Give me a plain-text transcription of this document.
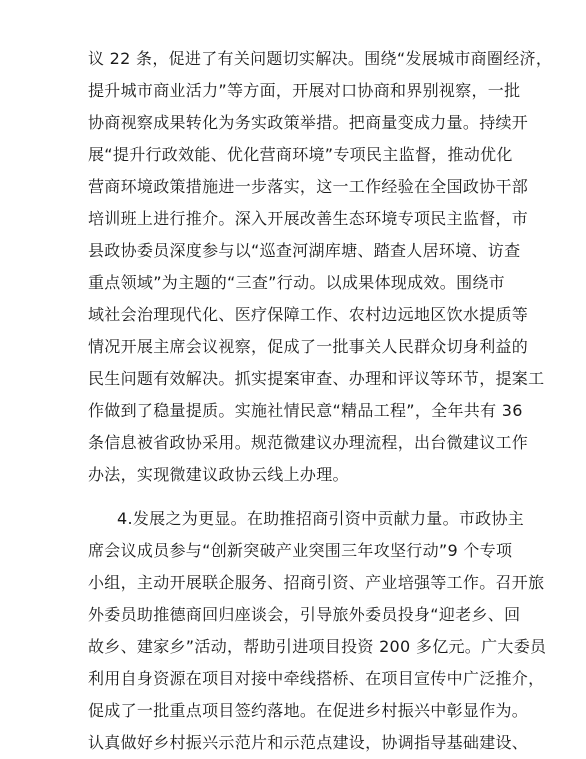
议 22 条，促进了有关问题切实解决。围绕“发展城市商圈经济，

提升城市商业活力”等方面，开展对口协商和界别视察，一批

协商视察成果转化为务实政策举措。把商量变成力量。持续开

展“提升行政效能、优化营商环境”专项民主监督，推动优化

营商环境政策措施进一步落实，这一工作经验在全国政协干部

培训班上进行推介。深入开展改善生态环境专项民主监督，市

县政协委员深度参与以“巡查河湖库塘、踏查人居环境、访查

重点领域”为主题的“三查”行动。以成果体现成效。围绕市

域社会治理现代化、医疗保障工作、农村边远地区饮水提质等

情况开展主席会议视察，促成了一批事关人民群众切身利益的

民生问题有效解决。抓实提案审查、办理和评议等环节，提案工

作做到了稳量提质。实施社情民意“精品工程”，全年共有 36

条信息被省政协采用。规范微建议办理流程，出台微建议工作

办法，实现微建议政协云线上办理。

4.发展之为更显。在助推招商引资中贡献力量。市政协主

席会议成员参与“创新突破产业突围三年攻坚行动”9 个专项

小组，主动开展联企服务、招商引资、产业培强等工作。召开旅

外委员助推德商回归座谈会，引导旅外委员投身“迎老乡、回

故乡、建家乡”活动，帮助引进项目投资 200 多亿元。广大委员

利用自身资源在项目对接中牵线搭桥、在项目宣传中广泛推介，

促成了一批重点项目签约落地。在促进乡村振兴中彰显作为。

认真做好乡村振兴示范片和示范点建设，协调指导基础建设、
